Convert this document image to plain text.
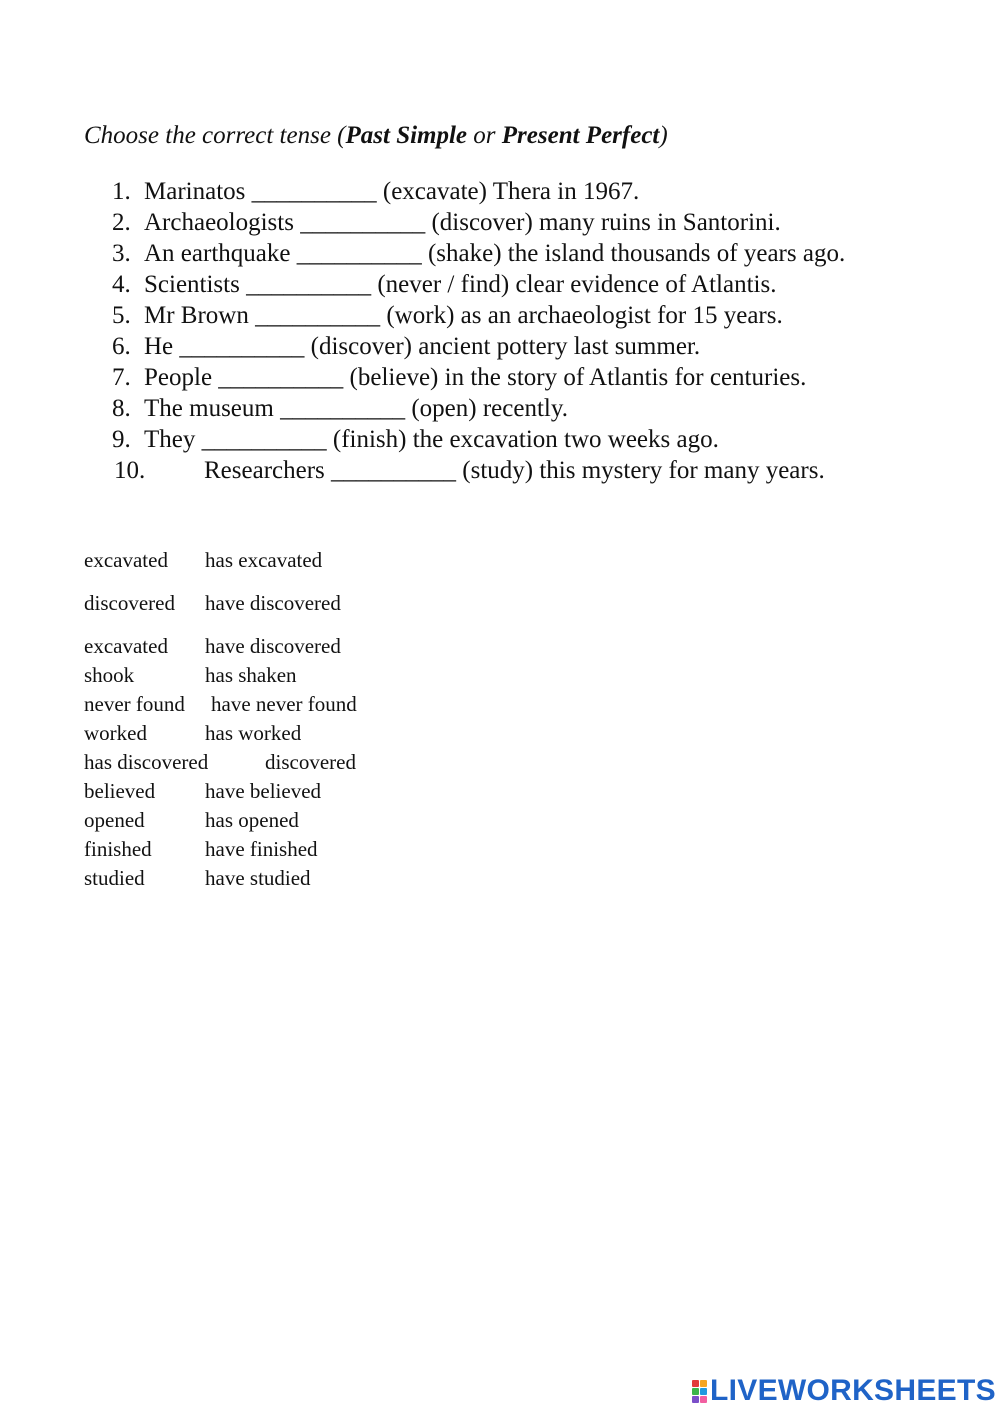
Choose the correct tense (Past Simple or Present Perfect)
1. Marinatos __________ (excavate) Thera in 1967.
2. Archaeologists __________ (discover) many ruins in Santorini.
3. An earthquake __________ (shake) the island thousands of years ago.
4. Scientists __________ (never / find) clear evidence of Atlantis.
5. Mr Brown __________ (work) as an archaeologist for 15 years.
6. He __________ (discover) ancient pottery last summer.
7. People __________ (believe) in the story of Atlantis for centuries.
8. The museum __________ (open) recently.
9. They __________ (finish) the excavation two weeks ago.
10. Researchers __________ (study) this mystery for many years.
excavated has excavated
discovered have discovered
excavated have discovered
shook	has shaken
never found have never found
worked	has worked
has discovered	discovered
believed have believed
opened	has opened
finished	have finished
studied	have studied
LIVEWORKSHEETS
